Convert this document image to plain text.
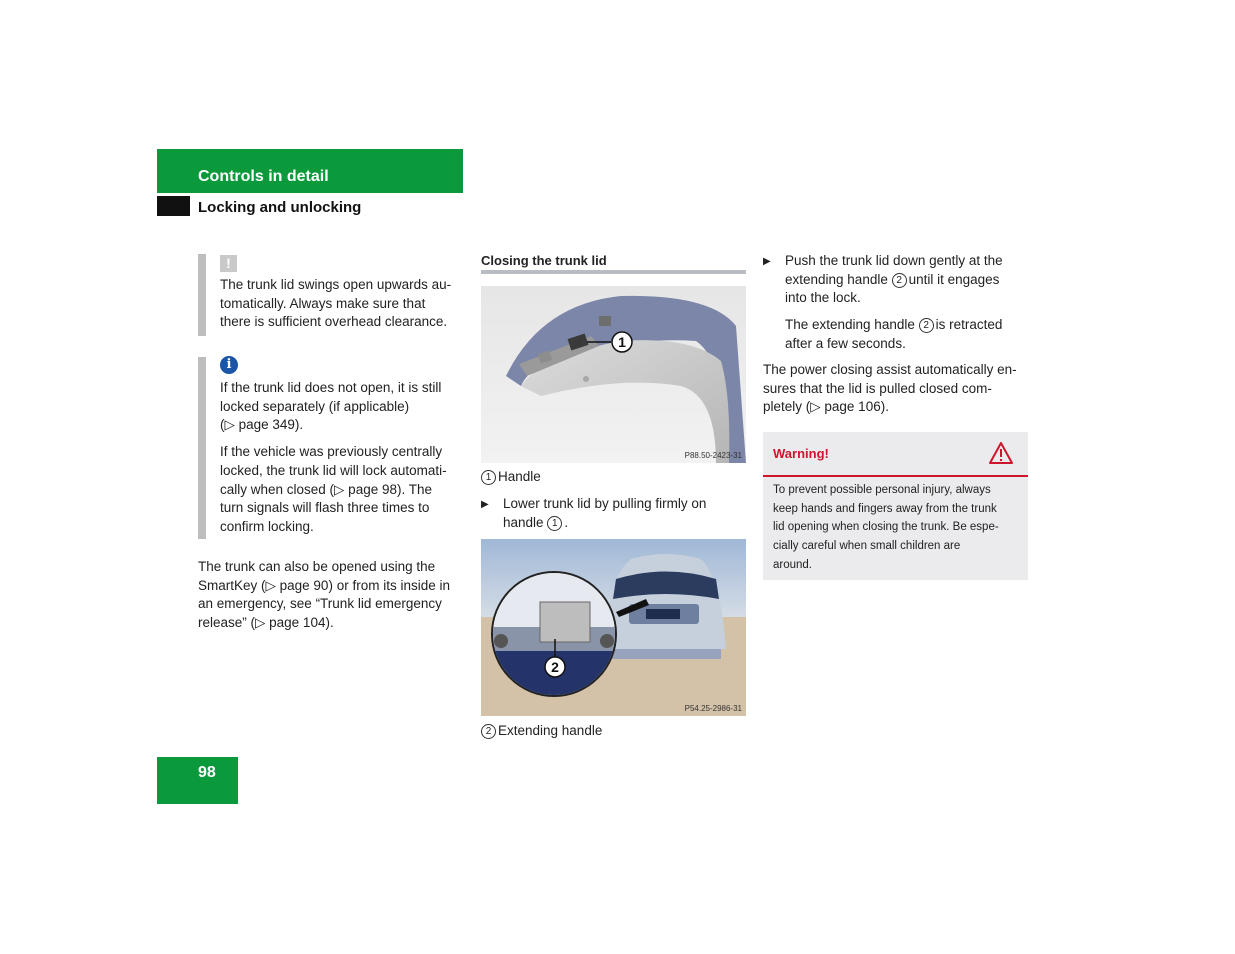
Controls in detail
Locking and unlocking
!

The trunk lid swings open upwards au-

tomatically. Always make sure that

there is sufficient overhead clearance.

i

If the trunk lid does not open, it is still

locked separately (if applicable)

(▷ page 349).

If the vehicle was previously centrally

locked, the trunk lid will lock automati-

cally when closed (▷ page 98). The

turn signals will flash three times to

confirm locking.

The trunk can also be opened using the

SmartKey (▷ page 90) or from its inside in

an emergency, see “Trunk lid emergency

release” (▷ page 104).

Closing the trunk lid
1
P88.50-2423-31
1 Handle
▶ Lower trunk lid by pulling firmly on

handle 1 .

2
P54.25-2986-31
2 Extending handle
▶ Push the trunk lid down gently at the

extending handle 2 until it engages

into the lock.

The extending handle 2 is retracted

after a few seconds.

The power closing assist automatically en-

sures that the lid is pulled closed com-

pletely (▷ page 106).

Warning!
To prevent possible personal injury, always
keep hands and fingers away from the trunk
lid opening when closing the trunk. Be espe-
cially careful when small children are
around.
98
